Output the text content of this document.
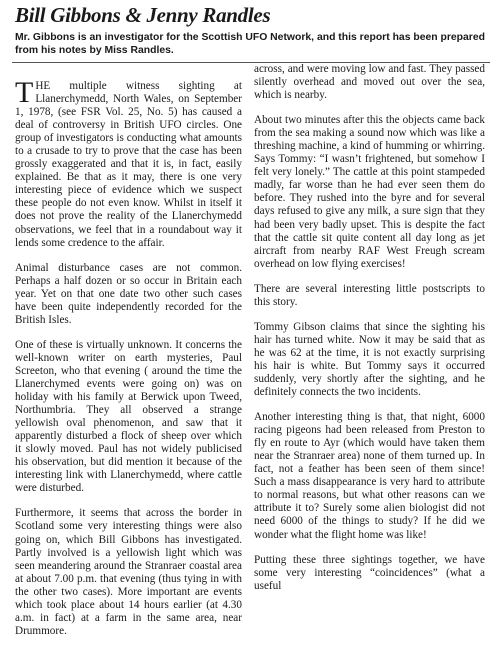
Bill Gibbons & Jenny Randles
Mr. Gibbons is an investigator for the Scottish UFO Network, and this report has been prepared from his notes by Miss Randles.

THE multiple witness sighting at Llanerchymedd, North Wales, on September 1, 1978, (see FSR Vol. 25, No. 5) has caused a deal of controversy in British UFO circles. One group of investigators is conducting what amounts to a crusade to try to prove that the case has been grossly exaggerated and that it is, in fact, easily explained. Be that as it may, there is one very interesting piece of evidence which we suspect these people do not even know. Whilst in itself it does not prove the reality of the Llanerchymedd observations, we feel that in a roundabout way it lends some credence to the affair.

Animal disturbance cases are not common. Perhaps a half dozen or so occur in Britain each year. Yet on that one date two other such cases have been quite independently recorded for the British Isles.

One of these is virtually unknown. It concerns the well-known writer on earth mysteries, Paul Screeton, who that evening ( around the time the Llanerchymed events were going on) was on holiday with his family at Berwick upon Tweed, Northumbria. They all observed a strange yellowish oval phenomenon, and saw that it apparently disturbed a flock of sheep over which it slowly moved. Paul has not widely publicised his observation, but did mention it because of the interesting link with Llanerchymedd, where cattle were disturbed.

Furthermore, it seems that across the border in Scotland some very interesting things were also going on, which Bill Gibbons has investigated. Partly involved is a yellowish light which was seen meandering around the Stranraer coastal area at about 7.00 p.m. that evening (thus tying in with the other two cases). More important are events which took place about 14 hours earlier (at 4.30 a.m. in fact) at a farm in the same area, near Drummore.

across, and were moving low and fast. They passed silently overhead and moved out over the sea, which is nearby.

About two minutes after this the objects came back from the sea making a sound now which was like a threshing machine, a kind of humming or whirring. Says Tommy: “I wasn’t frightened, but somehow I felt very lonely.” The cattle at this point stampeded madly, far worse than he had ever seen them do before. They rushed into the byre and for several days refused to give any milk, a sure sign that they had been very badly upset. This is despite the fact that the cattle sit quite content all day long as jet aircraft from nearby RAF West Freugh scream overhead on low flying exercises!

There are several interesting little postscripts to this story.

Tommy Gibson claims that since the sighting his hair has turned white. Now it may be said that as he was 62 at the time, it is not exactly surprising his hair is white. But Tommy says it occurred suddenly, very shortly after the sighting, and he definitely connects the two incidents.

Another interesting thing is that, that night, 6000 racing pigeons had been released from Preston to fly en route to Ayr (which would have taken them near the Stranraer area) none of them turned up. In fact, not a feather has been seen of them since! Such a mass disappearance is very hard to attribute to normal reasons, but what other reasons can we attribute it to? Surely some alien biologist did not need 6000 of the things to study? If he did we wonder what the flight home was like!

Putting these three sightings together, we have some very interesting “coincidences” (what a useful
